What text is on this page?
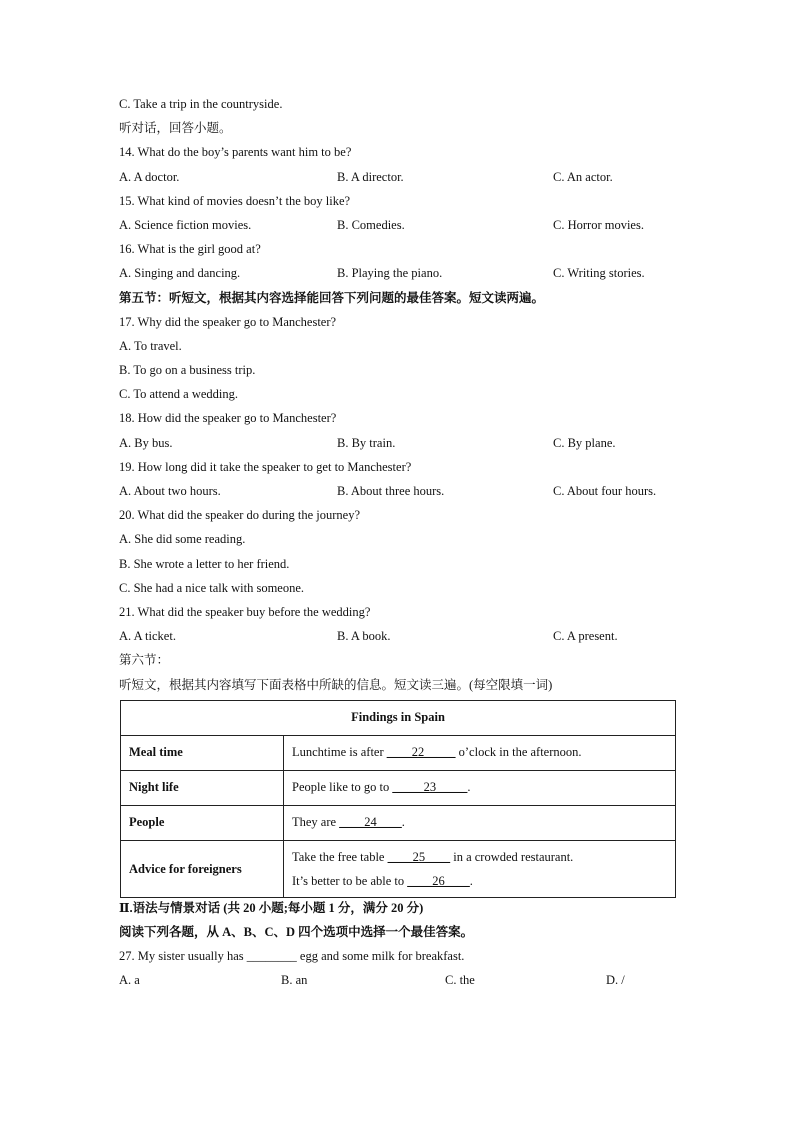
C. Take a trip in the countryside.
听对话，回答小题。
14. What do the boy’s parents want him to be?
A. A doctor.	B. A director.	C. An actor.
15. What kind of movies doesn’t the boy like?
A. Science fiction movies.	B. Comedies.	C. Horror movies.
16. What is the girl good at?
A. Singing and dancing.	B. Playing the piano.	C. Writing stories.
第五节：听短文，根据其内容选择能回答下列问题的最佳答案。短文读两遍。
17. Why did the speaker go to Manchester?
A. To travel.
B. To go on a business trip.
C. To attend a wedding.
18. How did the speaker go to Manchester?
A. By bus.	B. By train.	C. By plane.
19. How long did it take the speaker to get to Manchester?
A. About two hours.	B. About three hours.	C. About four hours.
20. What did the speaker do during the journey?
A. She did some reading.
B. She wrote a letter to her friend.
C. She had a nice talk with someone.
21. What did the speaker buy before the wedding?
A. A ticket.	B. A book.	C. A present.
第六节：
听短文，根据其内容填写下面表格中所缺的信息。短文读三遍。(每空限填一词)
Findings in Spain	
Meal time	Lunchtime is after ____22_____ o’clock in the afternoon.
Night life	People like to go to _____23_____.
People	They are ____24____.
Advice for foreigners	Take the free table ____25____ in a crowded restaurant.
It’s better to be able to ____26____.
Ⅱ.语法与情景对话 (共 20 小题;每小题 1 分，满分 20 分)
阅读下列各题，从 A、B、C、D 四个选项中选择一个最佳答案。
27. My sister usually has ________ egg and some milk for breakfast.
A. a	B. an	C. the	D. /
